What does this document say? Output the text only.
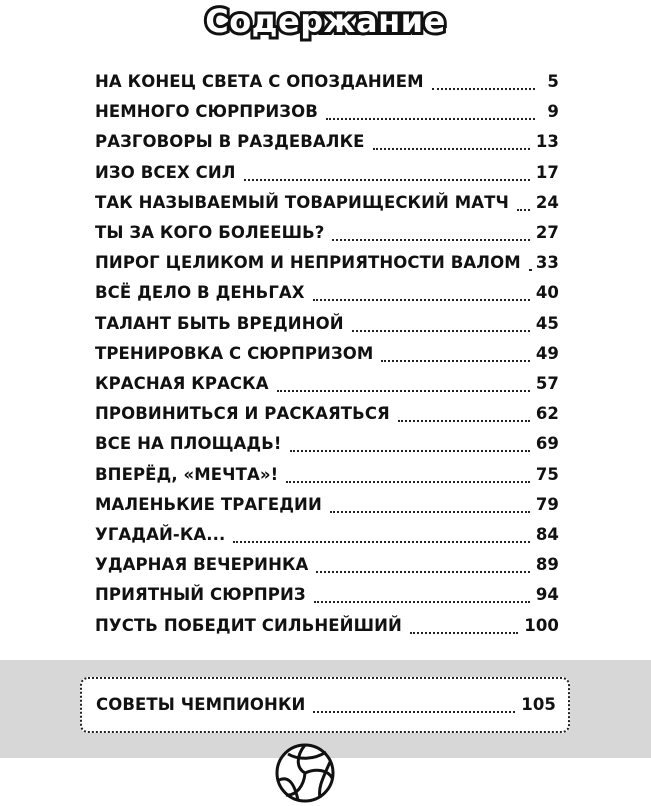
Содержание
НА КОНЕЦ СВЕТА С ОПОЗДАНИЕМ	5
НЕМНОГО СЮРПРИЗОВ	9
РАЗГОВОРЫ В РАЗДЕВАЛКЕ	13
ИЗО ВСЕХ СИЛ	17
ТАК НАЗЫВАЕМЫЙ ТОВАРИЩЕСКИЙ МАТЧ 24
ТЫ ЗА КОГО БОЛЕЕШЬ?	27
ПИРОГ ЦЕЛИКОМ И НЕПРИЯТНОСТИ ВАЛОМ 33
ВСЁ ДЕЛО В ДЕНЬГАХ	40
ТАЛАНТ БЫТЬ ВРЕДИНОЙ	45
ТРЕНИРОВКА С СЮРПРИЗОМ	49
КРАСНАЯ КРАСКА	57
ПРОВИНИТЬСЯ И РАСКАЯТЬСЯ	62
ВСЕ НА ПЛОЩАДЬ!	69
ВПЕРЁД, «МЕЧТА»!	75
МАЛЕНЬКИЕ ТРАГЕДИИ	79
УГАДАЙ-КА...	84
УДАРНАЯ ВЕЧЕРИНКА	89
ПРИЯТНЫЙ СЮРПРИЗ	94
ПУСТЬ ПОБЕДИТ СИЛЬНЕЙШИЙ	100
СОВЕТЫ ЧЕМПИОНКИ	105
